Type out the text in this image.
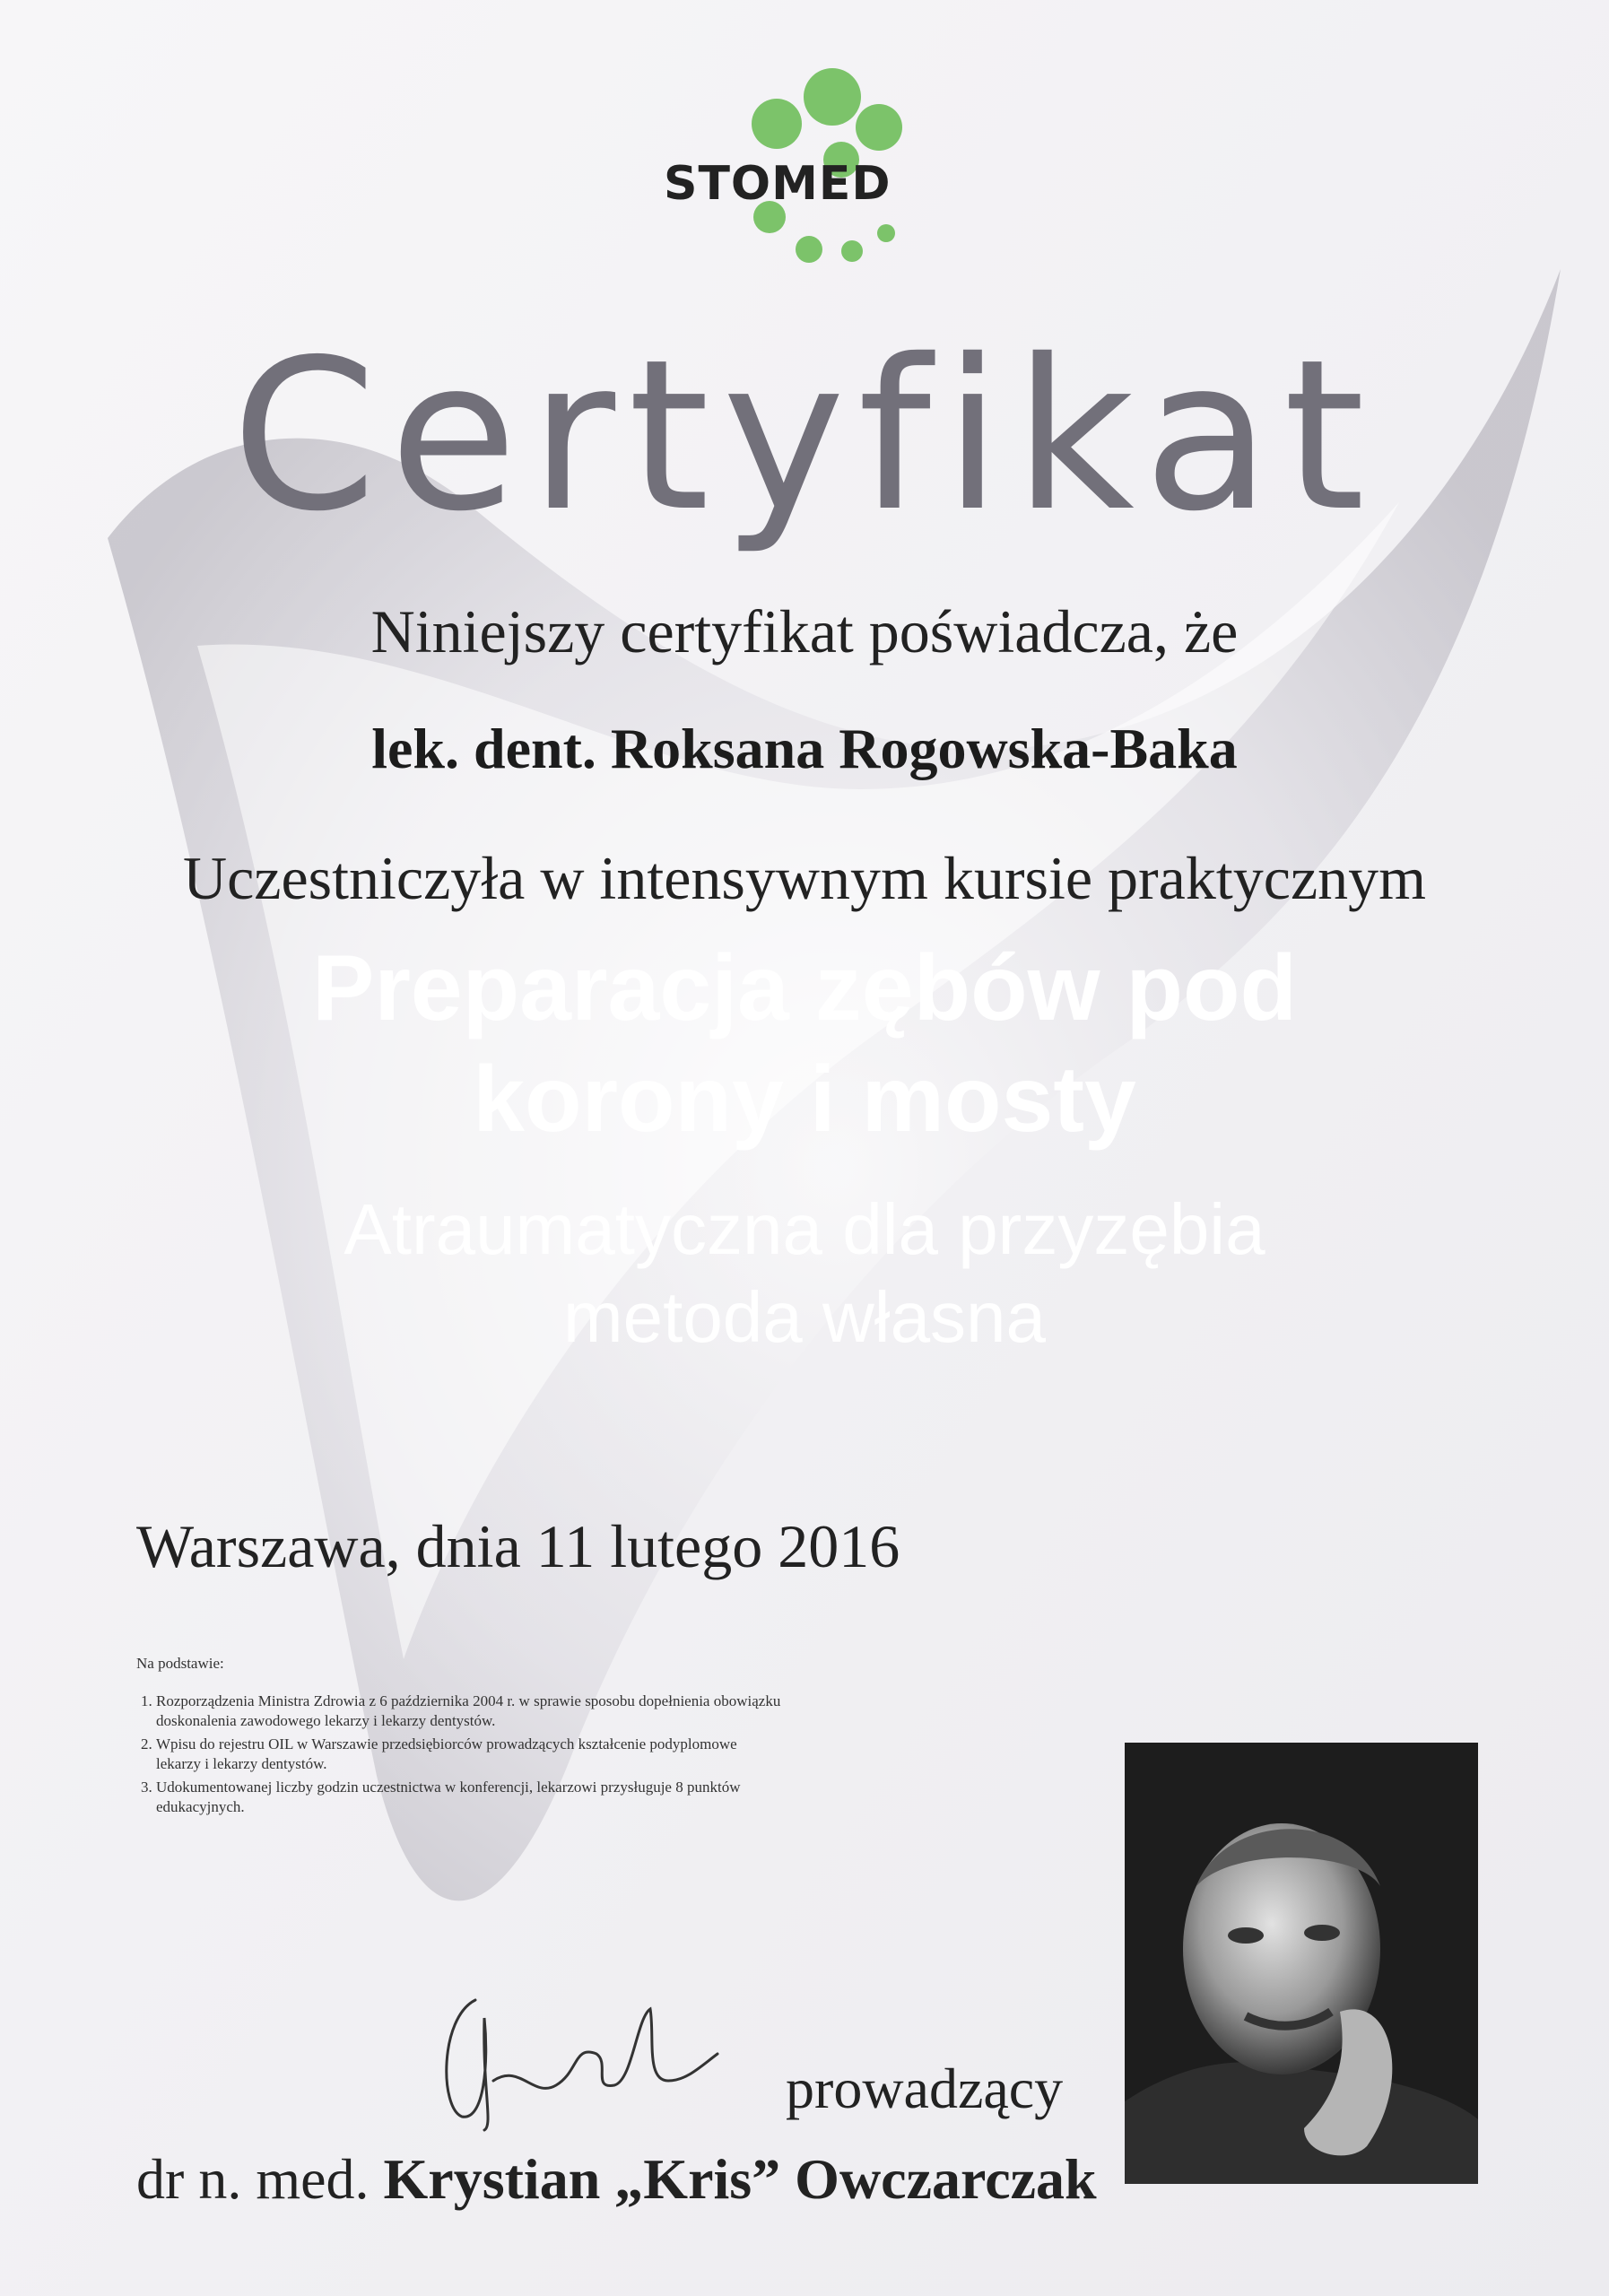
STOMED
Certyfikat
Niniejszy certyfikat poświadcza, że
lek. dent. Roksana Rogowska-Baka
Uczestniczyła w intensywnym kursie praktycznym
Preparacja zębów pod
korony i mosty
Atraumatyczna dla przyzębia
metoda własna
Warszawa, dnia 11 lutego 2016
Na podstawie:
1. Rozporządzenia Ministra Zdrowia z 6 października 2004 r. w sprawie sposobu dopełnienia obowiązku doskonalenia zawodowego lekarzy i lekarzy dentystów.
2. Wpisu do rejestru OIL w Warszawie przedsiębiorców prowadzących kształcenie podyplomowe lekarzy i lekarzy dentystów.
3. Udokumentowanej liczby godzin uczestnictwa w konferencji, lekarzowi przysługuje 8 punktów edukacyjnych.
prowadzący
dr n. med. Krystian „Kris” Owczarczak
